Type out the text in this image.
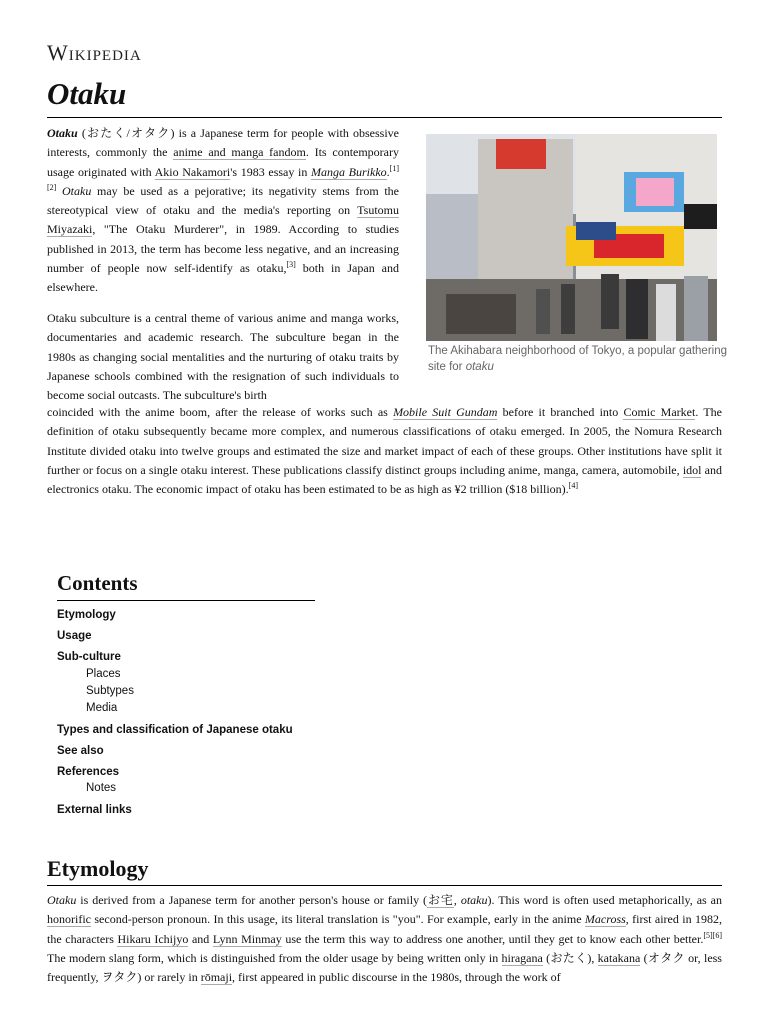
Wikipedia
Otaku
Otaku (おたく/オタク) is a Japanese term for people with obsessive interests, commonly the anime and manga fandom. Its contemporary usage originated with Akio Nakamori's 1983 essay in Manga Burikko.[1][2] Otaku may be used as a pejorative; its negativity stems from the stereotypical view of otaku and the media's reporting on Tsutomu Miyazaki, "The Otaku Murderer", in 1989. According to studies published in 2013, the term has become less negative, and an increasing number of people now self-identify as otaku,[3] both in Japan and elsewhere.
Otaku subculture is a central theme of various anime and manga works, documentaries and academic research. The subculture began in the 1980s as changing social mentalities and the nurturing of otaku traits by Japanese schools combined with the resignation of such individuals to become social outcasts. The subculture's birth
coincided with the anime boom, after the release of works such as Mobile Suit Gundam before it branched into Comic Market. The definition of otaku subsequently became more complex, and numerous classifications of otaku emerged. In 2005, the Nomura Research Institute divided otaku into twelve groups and estimated the size and market impact of each of these groups. Other institutions have split it further or focus on a single otaku interest. These publications classify distinct groups including anime, manga, camera, automobile, idol and electronics otaku. The economic impact of otaku has been estimated to be as high as ¥2 trillion ($18 billion).[4]
The Akihabara neighborhood of Tokyo, a popular gathering site for otaku
Contents
Etymology
Usage
Sub-culture
Places
Subtypes
Media
Types and classification of Japanese otaku
See also
References
Notes
External links
Etymology
Otaku is derived from a Japanese term for another person's house or family (お宅, otaku). This word is often used metaphorically, as an honorific second-person pronoun. In this usage, its literal translation is "you". For example, early in the anime Macross, first aired in 1982, the characters Hikaru Ichijyo and Lynn Minmay use the term this way to address one another, until they get to know each other better.[5][6] The modern slang form, which is distinguished from the older usage by being written only in hiragana (おたく), katakana (オタク or, less frequently, ヲタク) or rarely in rōmaji, first appeared in public discourse in the 1980s, through the work of
